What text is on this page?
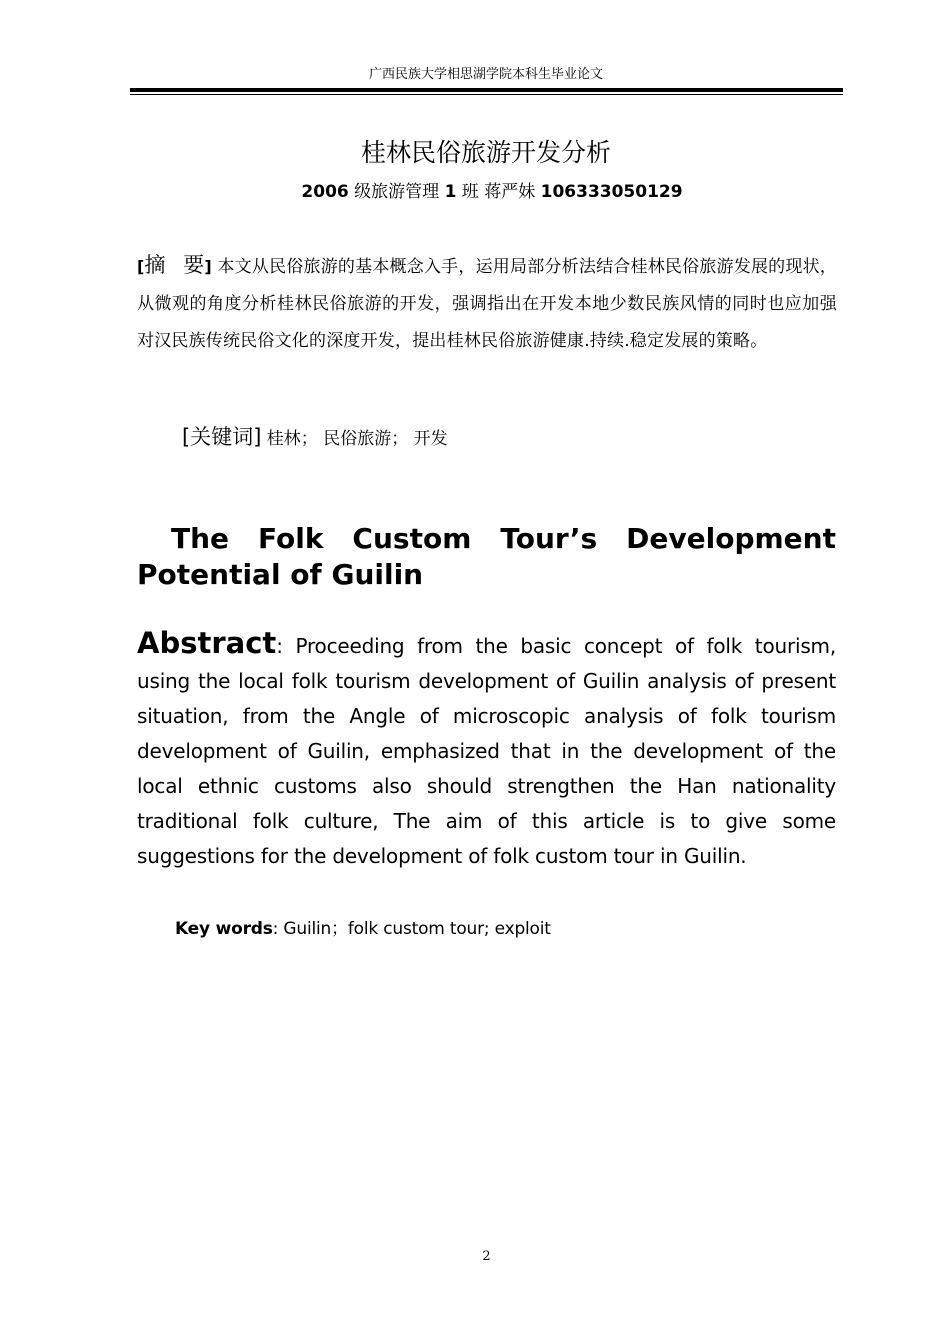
广西民族大学相思湖学院本科生毕业论文
桂林民俗旅游开发分析
2006 级旅游管理 1 班 蒋严妹 106333050129
[摘 要] 本文从民俗旅游的基本概念入手，运用局部分析法结合桂林民俗旅游发展的现状，从微观的角度分析桂林民俗旅游的开发，强调指出在开发本地少数民族风情的同时也应加强对汉民族传统民俗文化的深度开发，提出桂林民俗旅游健康.持续.稳定发展的策略。
[关键词] 桂林； 民俗旅游； 开发
The Folk Custom Tour’s Development
Potential of Guilin
Abstract: Proceeding from the basic concept of folk tourism, using the local folk tourism development of Guilin analysis of present situation, from the Angle of microscopic analysis of folk tourism development of Guilin, emphasized that in the development of the local ethnic customs also should strengthen the Han nationality traditional folk culture, The aim of this article is to give some suggestions for the development of folk custom tour in Guilin.
Key words: Guilin；folk custom tour; exploit
2
